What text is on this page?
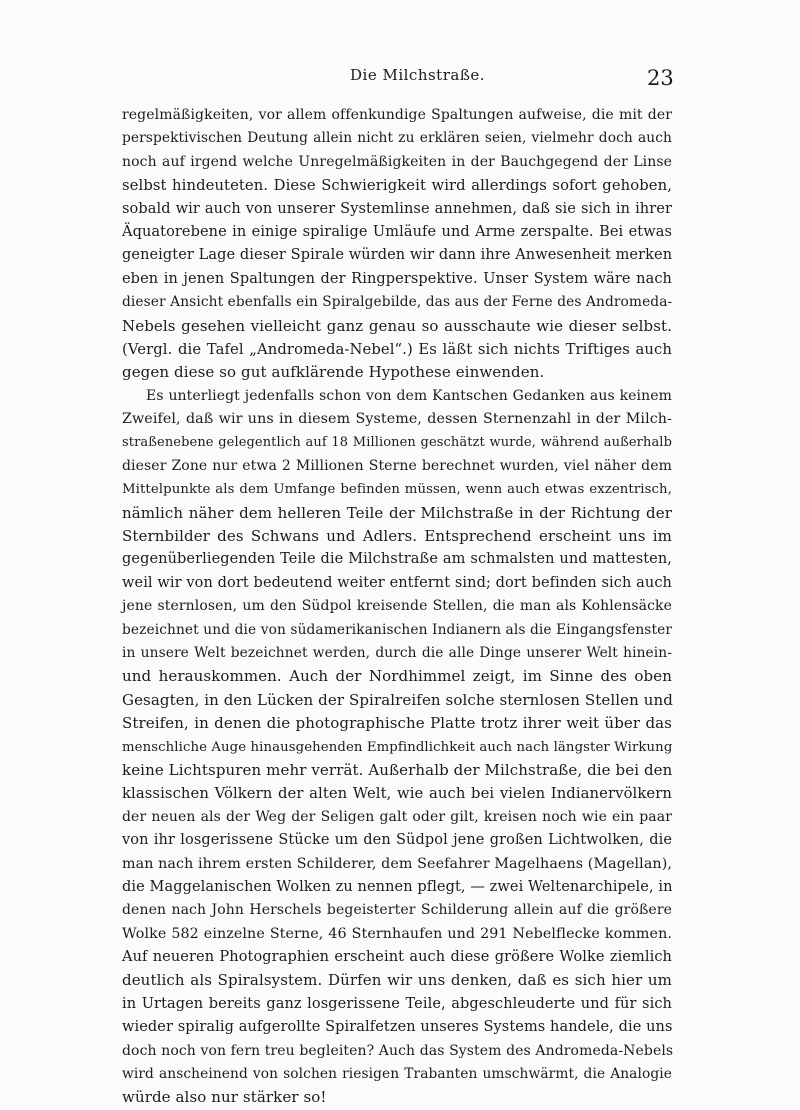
Die Milchstraße.	23
regelmäßigkeiten, vor allem offenkundige Spaltungen aufweise, die mit der
perspektivischen Deutung allein nicht zu erklären seien, vielmehr doch auch
noch auf irgend welche Unregelmäßigkeiten in der Bauchgegend der Linse
selbst hindeuteten. Diese Schwierigkeit wird allerdings sofort gehoben,
sobald wir auch von unserer Systemlinse annehmen, daß sie sich in ihrer
Äquatorebene in einige spiralige Umläufe und Arme zerspalte. Bei etwas
geneigter Lage dieser Spirale würden wir dann ihre Anwesenheit merken
eben in jenen Spaltungen der Ringperspektive. Unser System wäre nach
dieser Ansicht ebenfalls ein Spiralgebilde, das aus der Ferne des Andromeda-
Nebels gesehen vielleicht ganz genau so ausschaute wie dieser selbst.
(Vergl. die Tafel „Andromeda-Nebel“.) Es läßt sich nichts Triftiges auch
gegen diese so gut aufklärende Hypothese einwenden.
Es unterliegt jedenfalls schon von dem Kantschen Gedanken aus keinem
Zweifel, daß wir uns in diesem Systeme, dessen Sternenzahl in der Milch-
straßenebene gelegentlich auf 18 Millionen geschätzt wurde, während außerhalb
dieser Zone nur etwa 2 Millionen Sterne berechnet wurden, viel näher dem
Mittelpunkte als dem Umfange befinden müssen, wenn auch etwas exzentrisch,
nämlich näher dem helleren Teile der Milchstraße in der Richtung der
Sternbilder des Schwans und Adlers. Entsprechend erscheint uns im
gegenüberliegenden Teile die Milchstraße am schmalsten und mattesten,
weil wir von dort bedeutend weiter entfernt sind; dort befinden sich auch
jene sternlosen, um den Südpol kreisende Stellen, die man als Kohlensäcke
bezeichnet und die von südamerikanischen Indianern als die Eingangsfenster
in unsere Welt bezeichnet werden, durch die alle Dinge unserer Welt hinein-
und herauskommen. Auch der Nordhimmel zeigt, im Sinne des oben
Gesagten, in den Lücken der Spiralreifen solche sternlosen Stellen und
Streifen, in denen die photographische Platte trotz ihrer weit über das
menschliche Auge hinausgehenden Empfindlichkeit auch nach längster Wirkung
keine Lichtspuren mehr verrät. Außerhalb der Milchstraße, die bei den
klassischen Völkern der alten Welt, wie auch bei vielen Indianervölkern
der neuen als der Weg der Seligen galt oder gilt, kreisen noch wie ein paar
von ihr losgerissene Stücke um den Südpol jene großen Lichtwolken, die
man nach ihrem ersten Schilderer, dem Seefahrer Magelhaens (Magellan),
die Maggelanischen Wolken zu nennen pflegt, — zwei Weltenarchipele, in
denen nach John Herschels begeisterter Schilderung allein auf die größere
Wolke 582 einzelne Sterne, 46 Sternhaufen und 291 Nebelflecke kommen.
Auf neueren Photographien erscheint auch diese größere Wolke ziemlich
deutlich als Spiralsystem. Dürfen wir uns denken, daß es sich hier um
in Urtagen bereits ganz losgerissene Teile, abgeschleuderte und für sich
wieder spiralig aufgerollte Spiralfetzen unseres Systems handele, die uns
doch noch von fern treu begleiten? Auch das System des Andromeda-Nebels
wird anscheinend von solchen riesigen Trabanten umschwärmt, die Analogie
würde also nur stärker so!
